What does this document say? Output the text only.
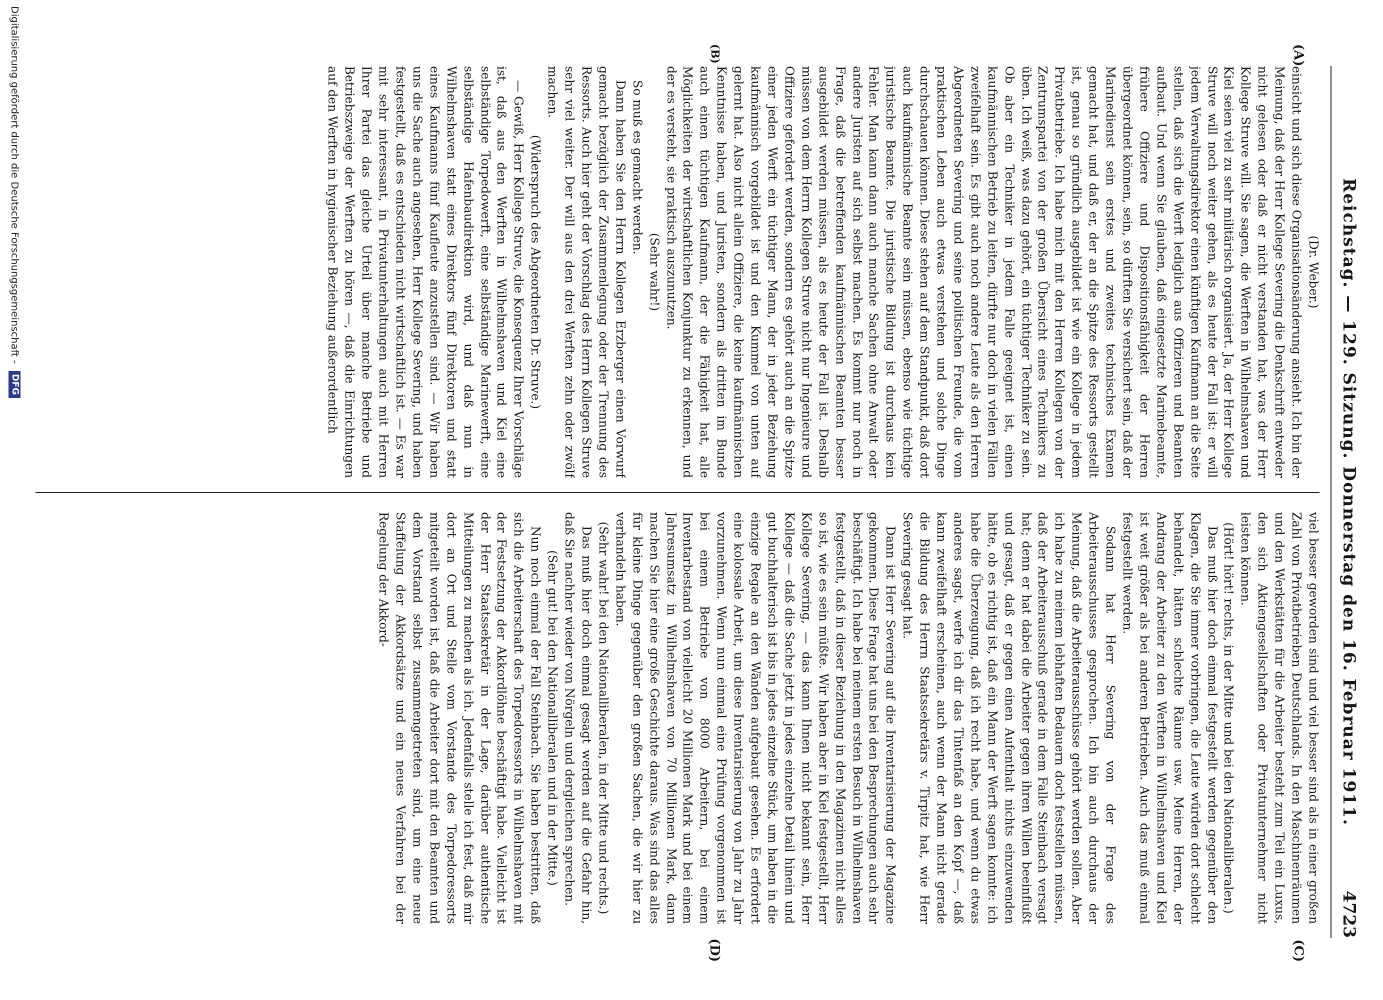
Reichstag. — 129. Sitzung. Donnerstag den 16. Februar 1911.
4723
(A)
(B)
(C)
(D)

(Dr. Weber.)

einsicht und sich diese Organisationsänderung ansieht. Ich bin der Meinung, daß der Herr Kollege Severing die Denkschrift entweder nicht gelesen oder daß er nicht verstanden hat, was der Herr Kollege Struve will. Sie sagen, die Werften in Wilhelmshaven und Kiel seien viel zu sehr militärisch organisiert. Ja, der Herr Kollege Struve will noch weiter gehen, als es heute der Fall ist: er will jedem Verwaltungsdirektor einen künftigen Kaufmann an die Seite stellen, daß sich die Werft lediglich aus Offizieren und Beamten aufbaut. Und wenn Sie glauben, daß eingesetzte Marinebeamte, frühere Offiziere und Dispositionsfähigkeit der Herren übergeordnet können, sein, so dürften Sie versichert sein, daß der Marinedienst sein erstes und zweites technisches Examen gemacht hat, und daß er, der an die Spitze des Ressorts gestellt ist, genau so gründlich ausgebildet ist wie ein Kollege in jedem Privatbetriebe. Ich habe mich mit den Herren Kollegen von der Zentrumspartei von der großen Übersicht eines Technikers zu üben. Ich weiß, was dazu gehört, ein tüchtiger Techniker zu sein. Ob aber ein Techniker in jedem Falle geeignet ist, einen kaufmännischen Betrieb zu leiten, dürfte nur doch in vielen Fällen zweifelhaft sein. Es gibt auch noch andere Leute als den Herren Abgeordneten Severing und seine politischen Freunde, die vom praktischen Leben auch etwas verstehen und solche Dinge durchschauen können. Diese stehen auf dem Standpunkt, daß dort auch kaufmännische Beamte sein müssen, ebenso wie tüchtige juristische Beamte. Die juristische Bildung ist durchaus kein Fehler. Man kann dann auch manche Sachen ohne Anwalt oder andere Juristen auf sich selbst machen. Es kommt nur noch in Frage, daß die betreffenden kaufmännischen Beamten besser ausgebildet werden müssen, als es heute der Fall ist. Deshalb müssen von dem Herrn Kollegen Struve nicht nur Ingenieure und Offiziere gefordert werden, sondern es gehört auch an die Spitze einer jeden Werft ein tüchtiger Mann, der in jeder Beziehung kaufmännisch vorgebildet ist und den Kummel von unten auf gelernt hat. Also nicht allein Offiziere, die keine kaufmännischen Kenntnisse haben, und Juristen, sondern als dritten im Bunde auch einen tüchtigen Kaufmann, der die Fähigkeit hat, alle Möglichkeiten der wirtschaftlichen Konjunktur zu erkennen, und der es versteht, sie praktisch auszunutzen.

(Sehr wahr!)

So muß es gemacht werden.

Dann haben Sie den Herrn Kollegen Erzberger einen Vorwurf gemacht bezüglich der Zusammenlegung oder der Trennung des Ressorts. Auch hier geht der Vorschlag des Herrn Kollegen Struve sehr viel weiter. Der will aus den drei Werften zehn oder zwölf machen.

(Widerspruch des Abgeordneten Dr. Struve.)

— Gewiß, Herr Kollege Struve, die Konsequenz Ihrer Vorschläge ist, daß aus den Werften in Wilhelmshaven und Kiel eine selbständige Torpedowerft, eine selbständige Marinewerft, eine selbständige Hafenbaudirektion wird, und daß nun in Wilhelmshaven statt eines Direktors fünf Direktoren und statt eines Kaufmanns fünf Kaufleute anzustellen sind. — Wir haben uns die Sache auch angesehen, Herr Kollege Severing, und haben festgestellt, daß es entschieden nicht wirtschaftlich ist. — Es war mit sehr interessant, in Privatunterhaltungen auch mit Herren Ihrer Partei das gleiche Urteil über manche Betriebe und Betriebszweige der Werften zu hören —, daß die Einrichtungen auf den Werften in hygienischer Beziehung außerordentlich

viel besser geworden sind und viel besser sind als in einer großen Zahl von Privatbetrieben Deutschlands. In den Maschinenräumen und den Werkstätten für die Arbeiter besteht zum Teil ein Luxus, den sich Aktiengesellschaften oder Privatunternehmer nicht leisten können.

(Hört! hört! rechts, in der Mitte und bei den Nationalliberalen.)

Das muß hier doch einmal festgestellt werden gegenüber den Klagen, die Sie immer vorbringen, die Leute würden dort schlecht behandelt, hätten schlechte Räume usw. Meine Herren, der Andrang der Arbeiter zu den Werften in Wilhelmshaven und Kiel ist weit größer als bei anderen Betrieben. Auch das muß einmal festgestellt werden.

Sodann hat Herr Severing von der Frage des Arbeiterausschusses gesprochen. Ich bin auch durchaus der Meinung, daß die Arbeiterausschüsse gehört werden sollen. Aber ich habe zu meinem lebhaften Bedauern doch feststellen müssen, daß der Arbeiterausschuß gerade in dem Falle Steinbach versagt hat; denn er hat dabei die Arbeiter gegen ihren Willen beeinflußt und gesagt, daß er gegen einen Aufenthalt nichts einzuwenden hätte, ob es richtig ist, daß ein Mann der Werft sagen konnte: ich habe die Überzeugung, daß ich recht habe, und wenn du etwas anderes sagst, werfe ich dir das Tintenfaß an den Kopf —, daß kann zweifelhaft erscheinen, auch wenn der Mann nicht gerade die Bildung des Herrn Staatssekretärs v. Tirpitz hat, wie Herr Severing gesagt hat.

Dann ist Herr Severing auf die Inventarisierung der Magazine gekommen. Diese Frage hat uns bei den Besprechungen auch sehr beschäftigt. Ich habe bei meinem ersten Besuch in Wilhelmshaven festgestellt, daß in dieser Beziehung in den Magazinen nicht alles so ist, wie es sein müßte. Wir haben aber in Kiel festgestellt, Herr Kollege Severing, — das kann Ihnen nicht bekannt sein, Herr Kollege — daß die Sache jetzt in jedes einzelne Detail hinein und gut buchhalterisch ist bis in jedes einzelne Stück, um haben in die einzige Regale an den Wänden aufgebaut gesehen. Es erfordert eine kolossale Arbeit, um diese Inventarisierung von Jahr zu Jahr vorzunehmen. Wenn nun einmal eine Prüfung vorgenommen ist bei einem Betriebe von 8000 Arbeitern, bei einem Inventarbestand von vielleicht 20 Millionen Mark und bei einem Jahresumsatz in Wilhelmshaven von 70 Millionen Mark, dann machen Sie hier eine große Geschichte daraus. Was sind das alles für kleine Dinge gegenüber den großen Sachen, die wir hier zu verhandeln haben.

(Sehr wahr! bei den Nationalliberalen, in der Mitte und rechts.)

Das muß hier doch einmal gesagt werden auf die Gefahr hin, daß Sie nachher wieder von Nörgeln und dergleichen sprechen.

(Sehr gut! bei den Nationalliberalen und in der Mitte.)

Nun noch einmal der Fall Steinbach. Sie haben bestritten, daß sich die Arbeiterschaft des Torpedoressorts in Wilhelmshaven mit der Festsetzung der Akkordlöhne beschäftigt habe. Vielleicht ist der Herr Staatssekretär in der Lage, darüber authentische Mitteilungen zu machen als ich. Jedenfalls stelle ich fest, daß mir dort an Ort und Stelle vom Vorstande des Torpedoressorts mitgeteilt worden ist, daß die Arbeiter dort mit den Beamten und dem Vorstand selbst zusammengetreten sind, um eine neue Staffelung der Akkordsätze und ein neues Verfahren bei der Regelung der Akkord-

Digitalisierung gefördert durch die Deutsche Forschungsgemeinschaft - DFG
